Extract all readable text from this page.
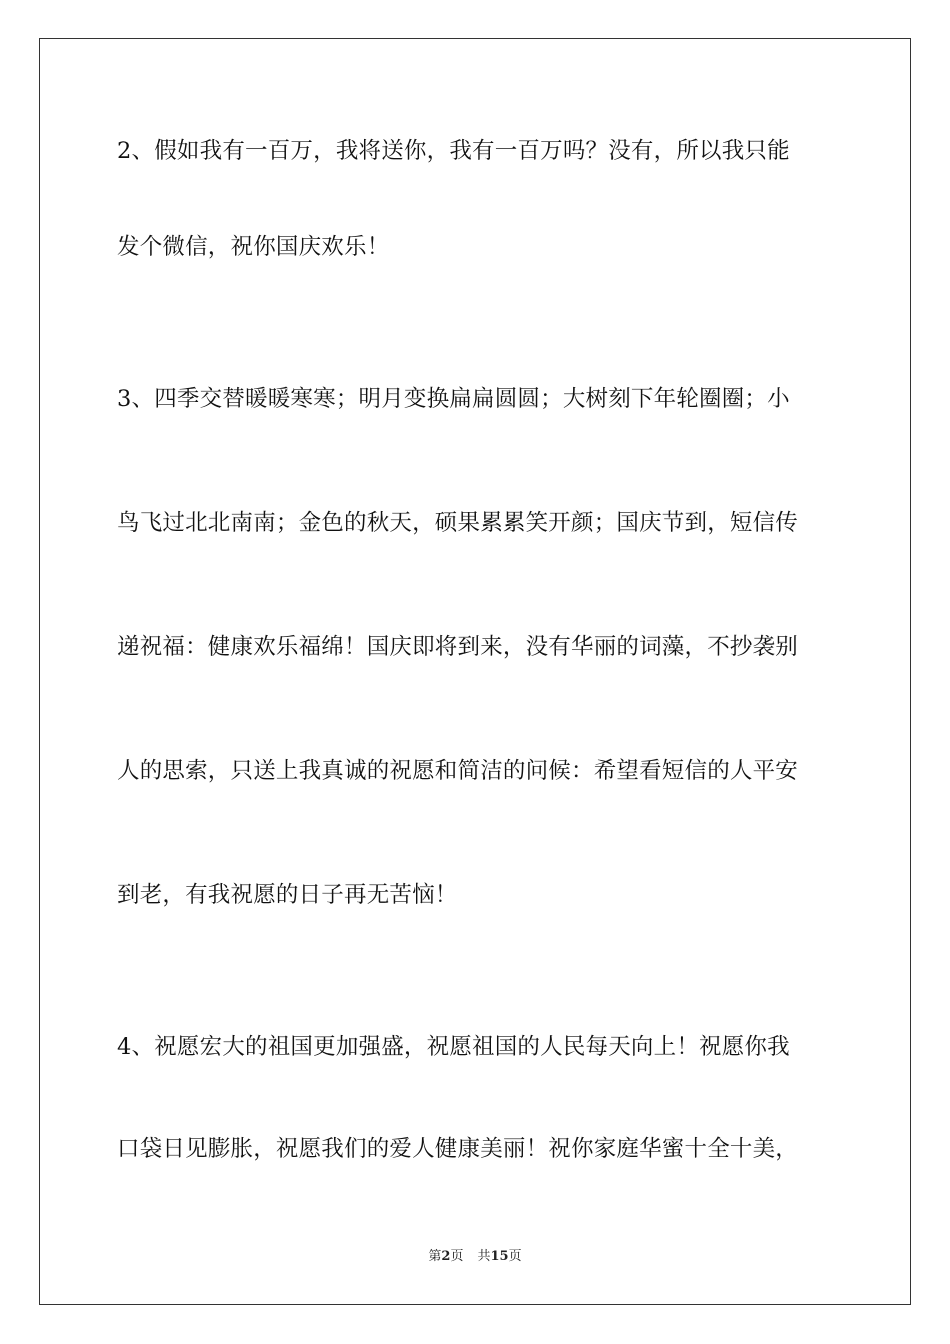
2、假如我有一百万，我将送你，我有一百万吗？没有，所以我只能
发个微信，祝你国庆欢乐！
3、四季交替暖暖寒寒；明月变换扁扁圆圆；大树刻下年轮圈圈；小
鸟飞过北北南南；金色的秋天，硕果累累笑开颜；国庆节到，短信传
递祝福：健康欢乐福绵！国庆即将到来，没有华丽的词藻，不抄袭别
人的思索，只送上我真诚的祝愿和简洁的问候：希望看短信的人平安
到老，有我祝愿的日子再无苦恼！
4、祝愿宏大的祖国更加强盛，祝愿祖国的人民每天向上！祝愿你我
口袋日见膨胀，祝愿我们的爱人健康美丽！祝你家庭华蜜十全十美，
第2页 共15页
